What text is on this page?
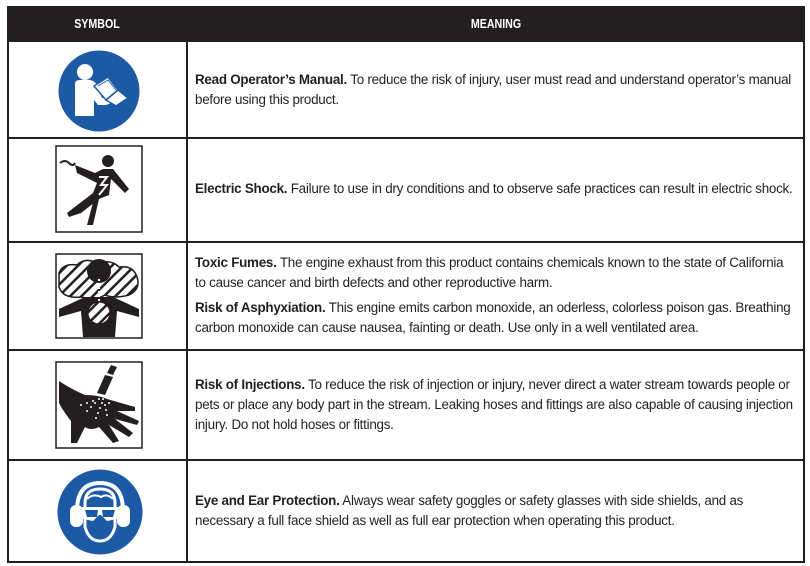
SYMBOL	MEANING
Read Operator’s Manual. To reduce the risk of injury, user must read and understand operator’s manual before using this product.
Electric Shock. Failure to use in dry conditions and to observe safe practices can result in electric shock.
Toxic Fumes. The engine exhaust from this product contains chemicals known to the state of California to cause cancer and birth defects and other reproductive harm.
Risk of Asphyxiation. This engine emits carbon monoxide, an oderless, colorless poison gas. Breathing carbon monoxide can cause nausea, fainting or death. Use only in a well ventilated area.
Risk of Injections. To reduce the risk of injection or injury, never direct a water stream towards people or pets or place any body part in the stream. Leaking hoses and fittings are also capable of causing injection injury. Do not hold hoses or fittings.
Eye and Ear Protection. Always wear safety goggles or safety glasses with side shields, and as necessary a full face shield as well as full ear protection when operating this product.
